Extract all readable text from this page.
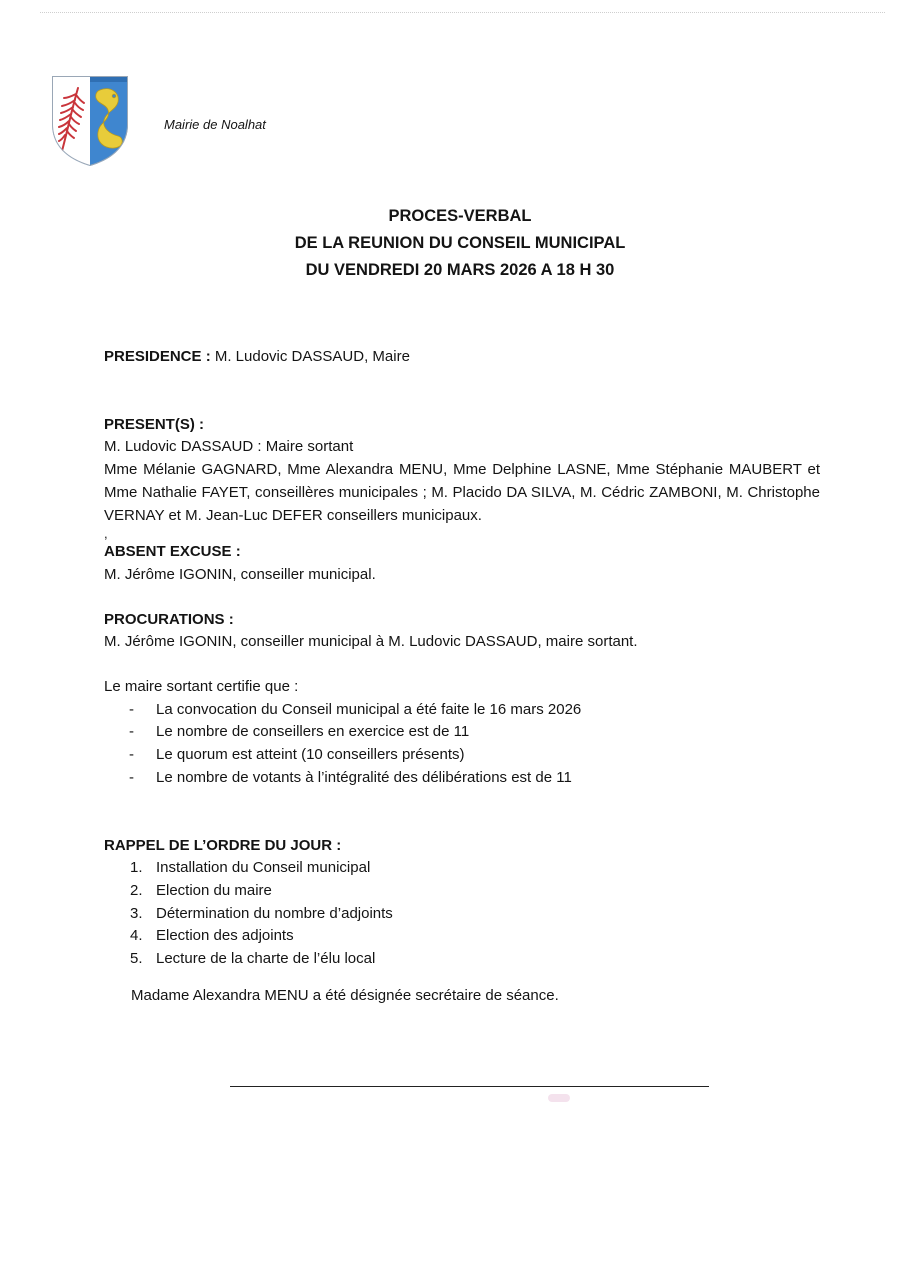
Mairie de Noalhat
PROCES-VERBAL
DE LA REUNION DU CONSEIL MUNICIPAL
DU VENDREDI 20 MARS 2026 A 18 H 30

PRESIDENCE : M. Ludovic DASSAUD, Maire

PRESENT(S) :
M. Ludovic DASSAUD : Maire sortant
Mme Mélanie GAGNARD, Mme Alexandra MENU, Mme Delphine LASNE, Mme Stéphanie MAUBERT et Mme Nathalie FAYET, conseillères municipales ; M. Placido DA SILVA, M. Cédric ZAMBONI, M. Christophe VERNAY et M. Jean-Luc DEFER conseillers municipaux.
,
ABSENT EXCUSE :
M. Jérôme IGONIN, conseiller municipal.
PROCURATIONS :
M. Jérôme IGONIN, conseiller municipal à M. Ludovic DASSAUD, maire sortant.
Le maire sortant certifie que :
- La convocation du Conseil municipal a été faite le 16 mars 2026
- Le nombre de conseillers en exercice est de 11
- Le quorum est atteint (10 conseillers présents)
- Le nombre de votants à l’intégralité des délibérations est de 11
RAPPEL DE L’ORDRE DU JOUR :
1. Installation du Conseil municipal
2. Election du maire
3. Détermination du nombre d’adjoints
4. Election des adjoints
5. Lecture de la charte de l’élu local
Madame Alexandra MENU a été désignée secrétaire de séance.
